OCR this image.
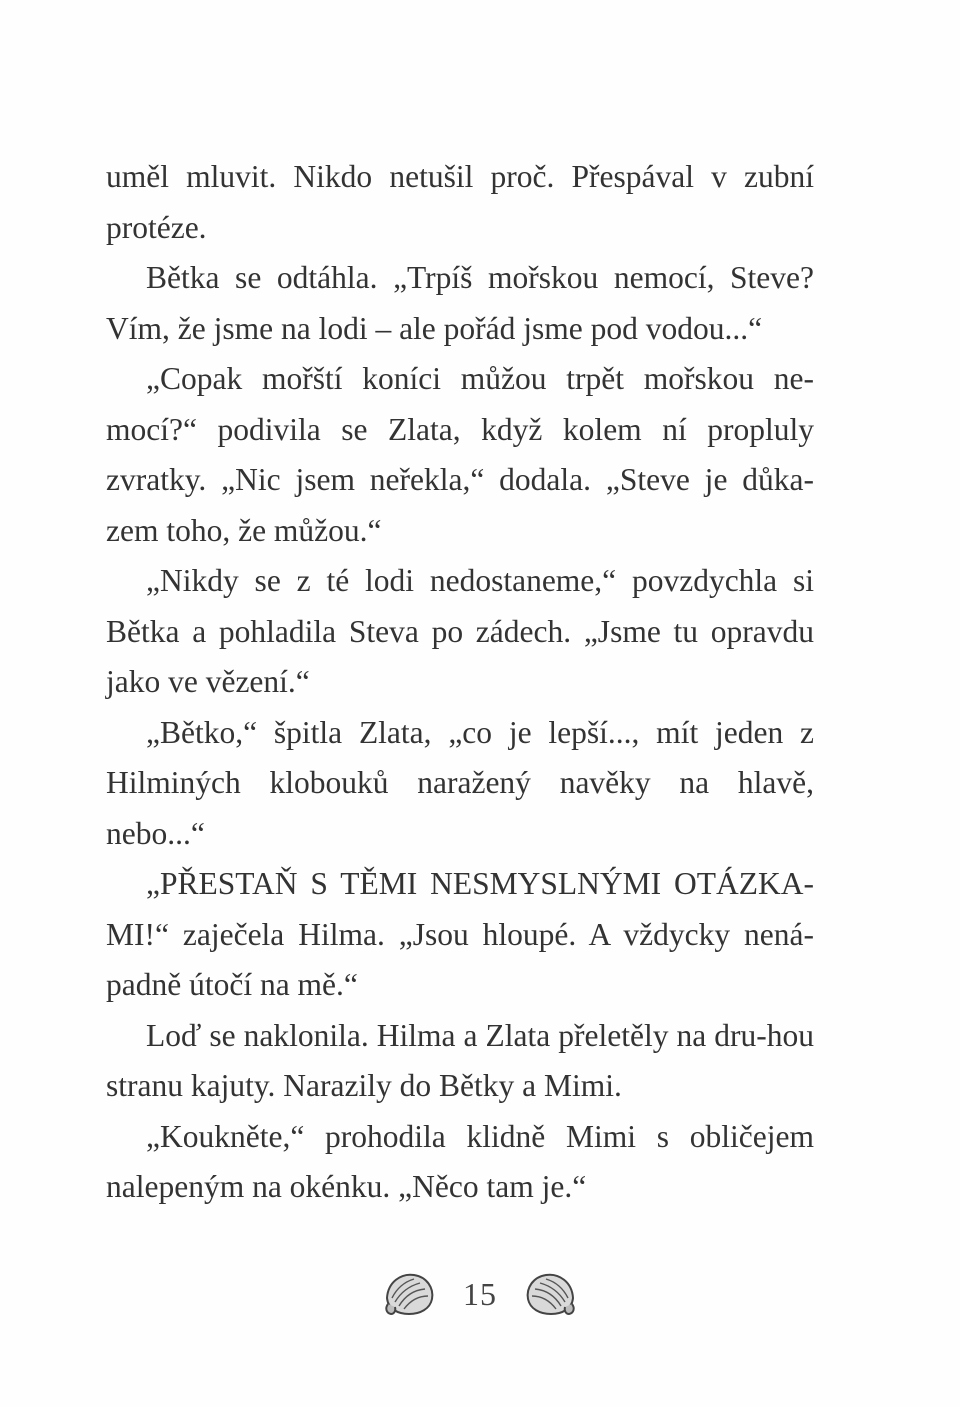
uměl mluvit. Nikdo netušil proč. Přespával v zubní protéze.

Bětka se odtáhla. „Trpíš mořskou nemocí, Steve? Vím, že jsme na lodi – ale pořád jsme pod vodou...“

„Copak mořští koníci můžou trpět mořskou ne-mocí?“ podivila se Zlata, když kolem ní propluly zvratky. „Nic jsem neřekla,“ dodala. „Steve je důka-zem toho, že můžou.“

„Nikdy se z té lodi nedostaneme,“ povzdychla si Bětka a pohladila Steva po zádech. „Jsme tu opravdu jako ve vězení.“

„Bětko,“ špitla Zlata, „co je lepší..., mít jeden z Hilminých klobouků naražený navěky na hlavě, nebo...“

„PŘESTAŇ S TĚMI NESMYSLNÝMI OTÁZKA-MI!“ zaječela Hilma. „Jsou hloupé. A vždycky nená-padně útočí na mě.“

Loď se naklonila. Hilma a Zlata přeletěly na dru-hou stranu kajuty. Narazily do Bětky a Mimi.

„Koukněte,“ prohodila klidně Mimi s obličejem nalepeným na okénku. „Něco tam je.“

15
